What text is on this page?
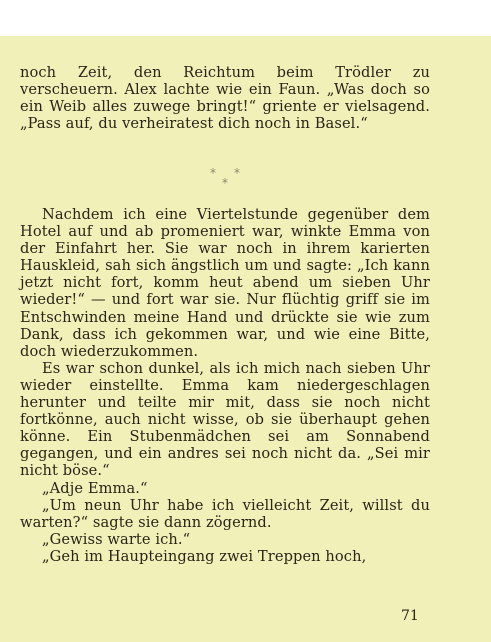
noch Zeit, den Reichtum beim Trödler zu verscheuern. Alex lachte wie ein Faun. „Was doch so ein Weib alles zuwege bringt!“ grientе er vielsagend. „Pass auf, du verheiratest dich noch in Basel.“

* *
*

Nachdem ich eine Viertelstunde gegenüber dem Hotel auf und ab promeniert war, winkte Emma von der Einfahrt her. Sie war noch in ihrem karierten Hauskleid, sah sich ängstlich um und sagte: „Ich kann jetzt nicht fort, komm heut abend um sieben Uhr wieder!“ — und fort war sie. Nur flüchtig griff sie im Entschwinden meine Hand und drückte sie wie zum Dank, dass ich gekommen war, und wie eine Bitte, doch wiederzukommen.

Es war schon dunkel, als ich mich nach sieben Uhr wieder einstellte. Emma kam niedergeschlagen herunter und teilte mir mit, dass sie noch nicht fortkönne, auch nicht wisse, ob sie überhaupt gehen könne. Ein Stubenmädchen sei am Sonnabend gegangen, und ein andres sei noch nicht da. „Sei mir nicht böse.“

„Adje Emma.“

„Um neun Uhr habe ich vielleicht Zeit, willst du warten?“ sagte sie dann zögernd.

„Gewiss warte ich.“

„Geh im Haupteingang zwei Treppen hoch,

71
